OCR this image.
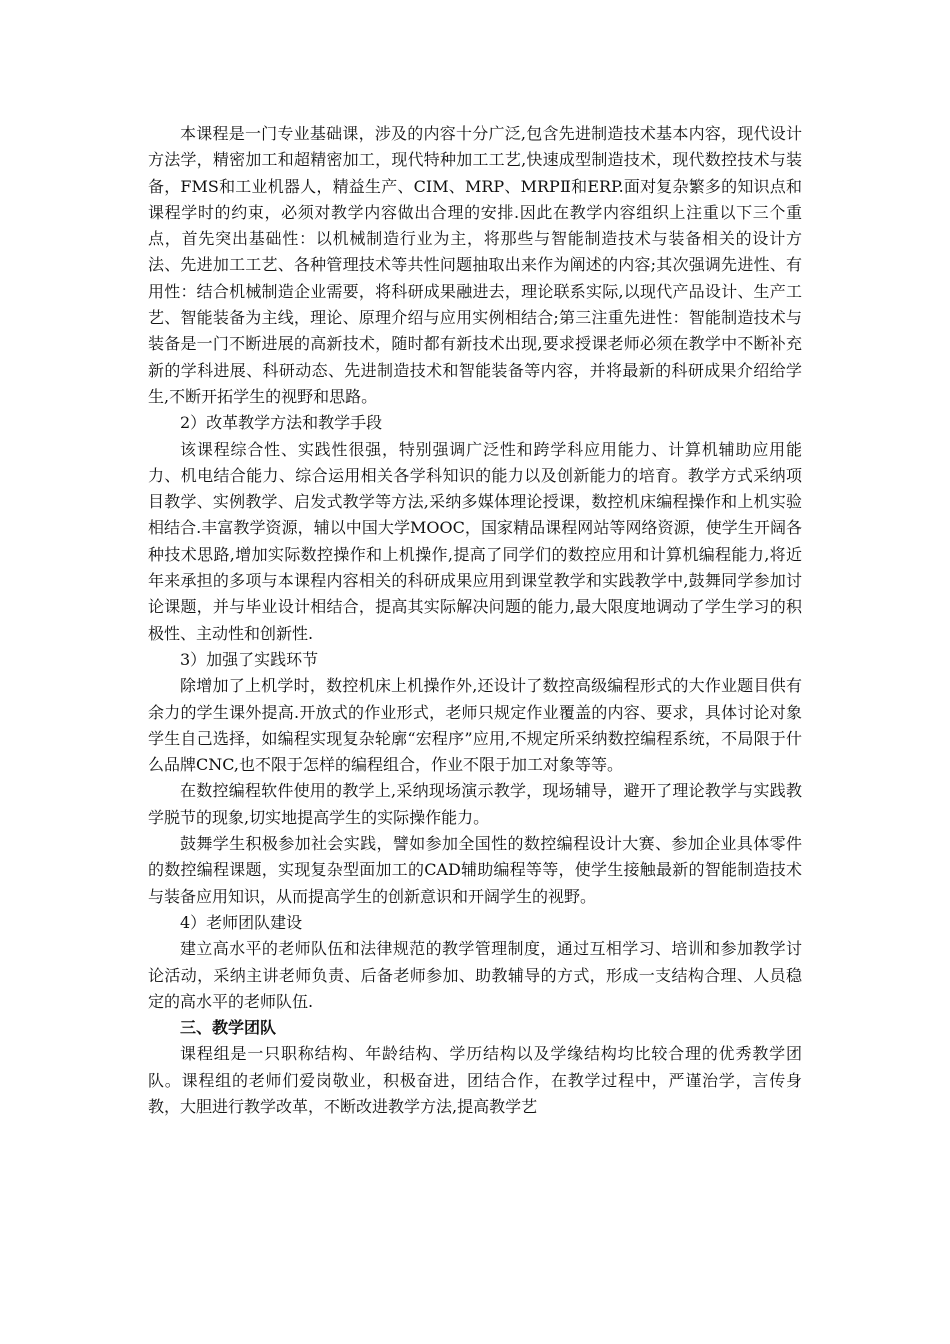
本课程是一门专业基础课，涉及的内容十分广泛,包含先进制造技术基本内容，现代设计方法学，精密加工和超精密加工，现代特种加工工艺,快速成型制造技术，现代数控技术与装备，FMS和工业机器人，精益生产、CIM、MRP、MRPⅡ和ERP.面对复杂繁多的知识点和课程学时的约束，必须对教学内容做出合理的安排.因此在教学内容组织上注重以下三个重点，首先突出基础性：以机械制造行业为主，将那些与智能制造技术与装备相关的设计方法、先进加工工艺、各种管理技术等共性问题抽取出来作为阐述的内容;其次强调先进性、有用性：结合机械制造企业需要，将科研成果融进去，理论联系实际,以现代产品设计、生产工艺、智能装备为主线，理论、原理介绍与应用实例相结合;第三注重先进性：智能制造技术与装备是一门不断进展的高新技术，随时都有新技术出现,要求授课老师必须在教学中不断补充新的学科进展、科研动态、先进制造技术和智能装备等内容，并将最新的科研成果介绍给学生,不断开拓学生的视野和思路。

2）改革教学方法和教学手段

该课程综合性、实践性很强，特别强调广泛性和跨学科应用能力、计算机辅助应用能力、机电结合能力、综合运用相关各学科知识的能力以及创新能力的培育。教学方式采纳项目教学、实例教学、启发式教学等方法,采纳多媒体理论授课，数控机床编程操作和上机实验相结合.丰富教学资源，辅以中国大学MOOC，国家精品课程网站等网络资源，使学生开阔各种技术思路,增加实际数控操作和上机操作,提高了同学们的数控应用和计算机编程能力,将近年来承担的多项与本课程内容相关的科研成果应用到课堂教学和实践教学中,鼓舞同学参加讨论课题，并与毕业设计相结合，提高其实际解决问题的能力,最大限度地调动了学生学习的积极性、主动性和创新性.

3）加强了实践环节

除增加了上机学时，数控机床上机操作外,还设计了数控高级编程形式的大作业题目供有余力的学生课外提高.开放式的作业形式，老师只规定作业覆盖的内容、要求，具体讨论对象学生自己选择，如编程实现复杂轮廓“宏程序”应用,不规定所采纳数控编程系统，不局限于什么品牌CNC,也不限于怎样的编程组合，作业不限于加工对象等等。

在数控编程软件使用的教学上,采纳现场演示教学，现场辅导，避开了理论教学与实践教学脱节的现象,切实地提高学生的实际操作能力。

鼓舞学生积极参加社会实践，譬如参加全国性的数控编程设计大赛、参加企业具体零件的数控编程课题，实现复杂型面加工的CAD辅助编程等等，使学生接触最新的智能制造技术与装备应用知识，从而提高学生的创新意识和开阔学生的视野。

4）老师团队建设

建立高水平的老师队伍和法律规范的教学管理制度，通过互相学习、培训和参加教学讨论活动，采纳主讲老师负责、后备老师参加、助教辅导的方式，形成一支结构合理、人员稳定的高水平的老师队伍.

三、教学团队

课程组是一只职称结构、年龄结构、学历结构以及学缘结构均比较合理的优秀教学团队。课程组的老师们爱岗敬业，积极奋进，团结合作，在教学过程中，严谨治学，言传身教，大胆进行教学改革，不断改进教学方法,提高教学艺
